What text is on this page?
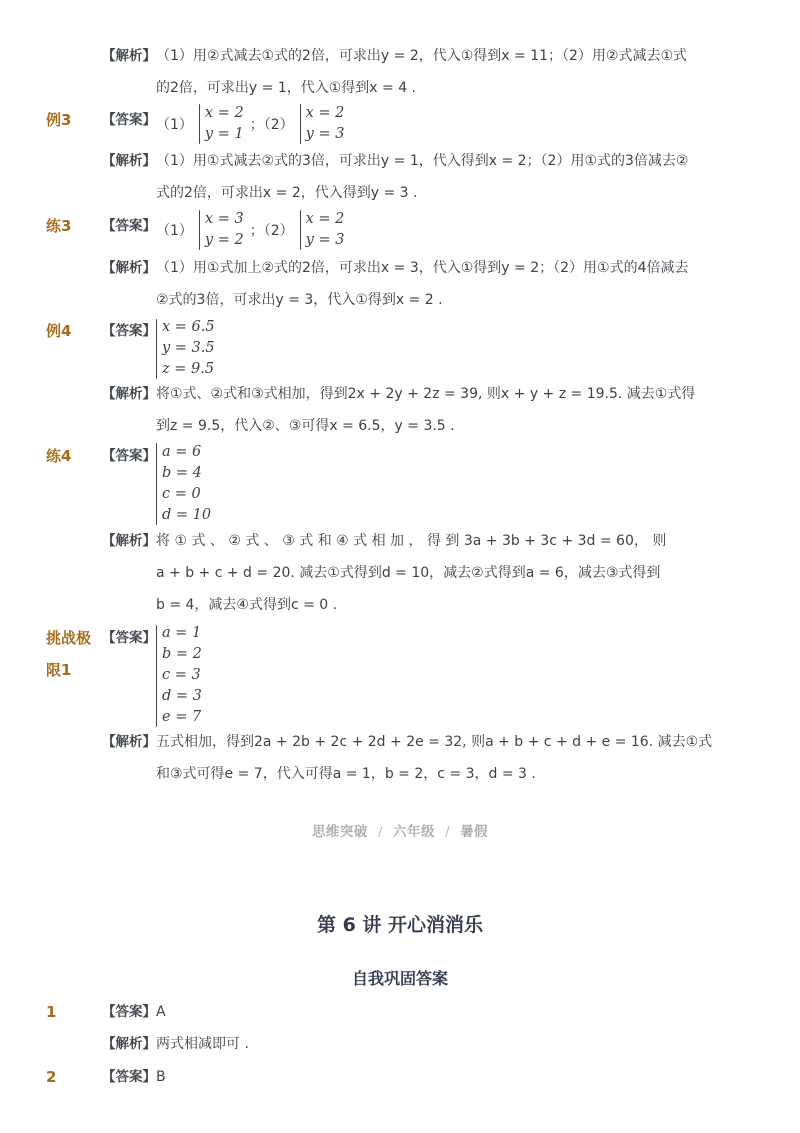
【解析】 （1）用②式减去①式的2倍，可求出y = 2，代入①得到x = 11；（2）用②式减去①式
的2倍，可求出y = 1，代入①得到x = 4 .
例3 【答案】 （1）
x = 2
y = 1
；（2）
x = 2
y = 3
【解析】 （1）用①式减去②式的3倍，可求出y = 1，代入得到x = 2；（2）用①式的3倍减去②
式的2倍，可求出x = 2，代入得到y = 3 .
练3 【答案】 （1）
x = 3
y = 2
；（2）
x = 2
y = 3
【解析】 （1）用①式加上②式的2倍，可求出x = 3，代入①得到y = 2；（2）用①式的4倍减去
②式的3倍，可求出y = 3，代入①得到x = 2 .
例4 【答案】 x = 6.5
y = 3.5
z = 9.5
【解析】 将①式、②式和③式相加，得到2x + 2y + 2z = 39, 则x + y + z = 19.5. 减去①式得
到z = 9.5，代入②、③可得x = 6.5，y = 3.5 .
练4 【答案】 a = 6
b = 4
c = 0
d = 10
【解析】 将 ① 式 、 ② 式 、 ③ 式 和 ④ 式 相 加 ， 得 到 3a + 3b + 3c + 3d = 60， 则
a + b + c + d = 20. 减去①式得到d = 10，减去②式得到a = 6，减去③式得到
b = 4，减去④式得到c = 0 .
挑战极
限1
【答案】 a = 1
b = 2
c = 3
d = 3
e = 7
【解析】 五式相加，得到2a + 2b + 2c + 2d + 2e = 32, 则a + b + c + d + e = 16. 减去①式
和③式可得e = 7，代入可得a = 1，b = 2，c = 3，d = 3 .
思维突破 / 六年级 / 暑假
第 6 讲 开心消消乐
自我巩固答案
1	【答案】 A
【解析】 两式相减即可 .
2	【答案】 B
